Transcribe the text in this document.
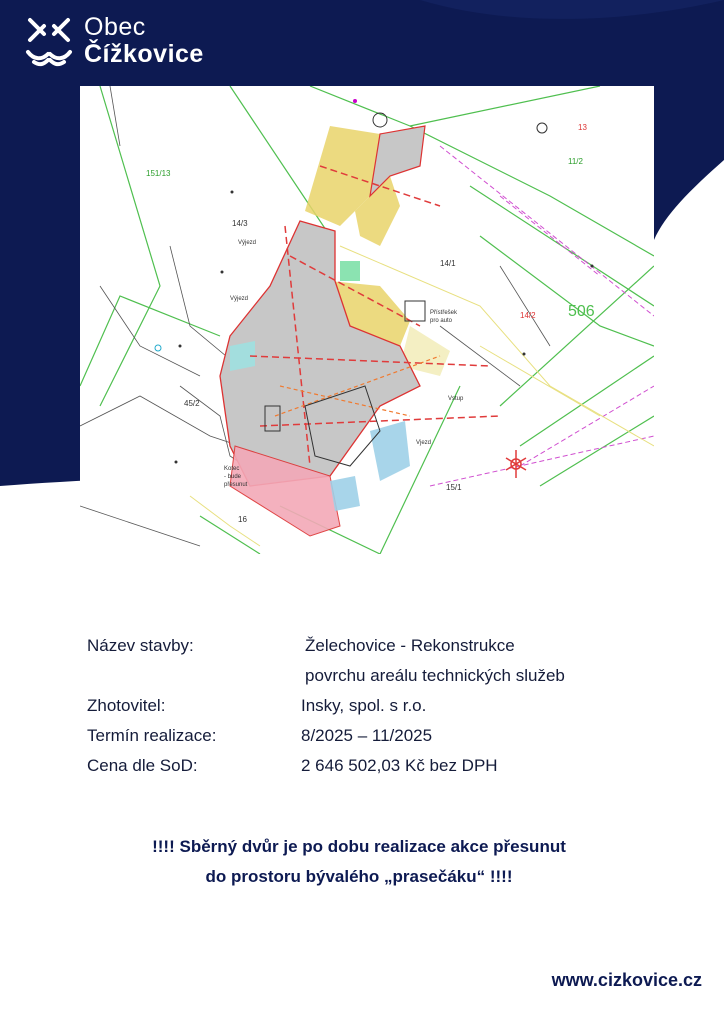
Obec
Čížkovice
13
11/2
151/13
14/3
14/1
14/2 506
45/2
15/1
16
Výjezd
Výjezd
Přístřešek
pro auto
Kotec
- bude
přesunut
Vjezd
Vstup
Název stavby:	Želechovice - Rekonstrukce
povrchu areálu technických služeb
Zhotovitel:	Insky, spol. s r.o.
Termín realizace:	8/2025 – 11/2025
Cena dle SoD:	2 646 502,03 Kč bez DPH
!!!! Sběrný dvůr je po dobu realizace akce přesunut
do prostoru bývalého „prasečáku“ !!!!
www.cizkovice.cz
